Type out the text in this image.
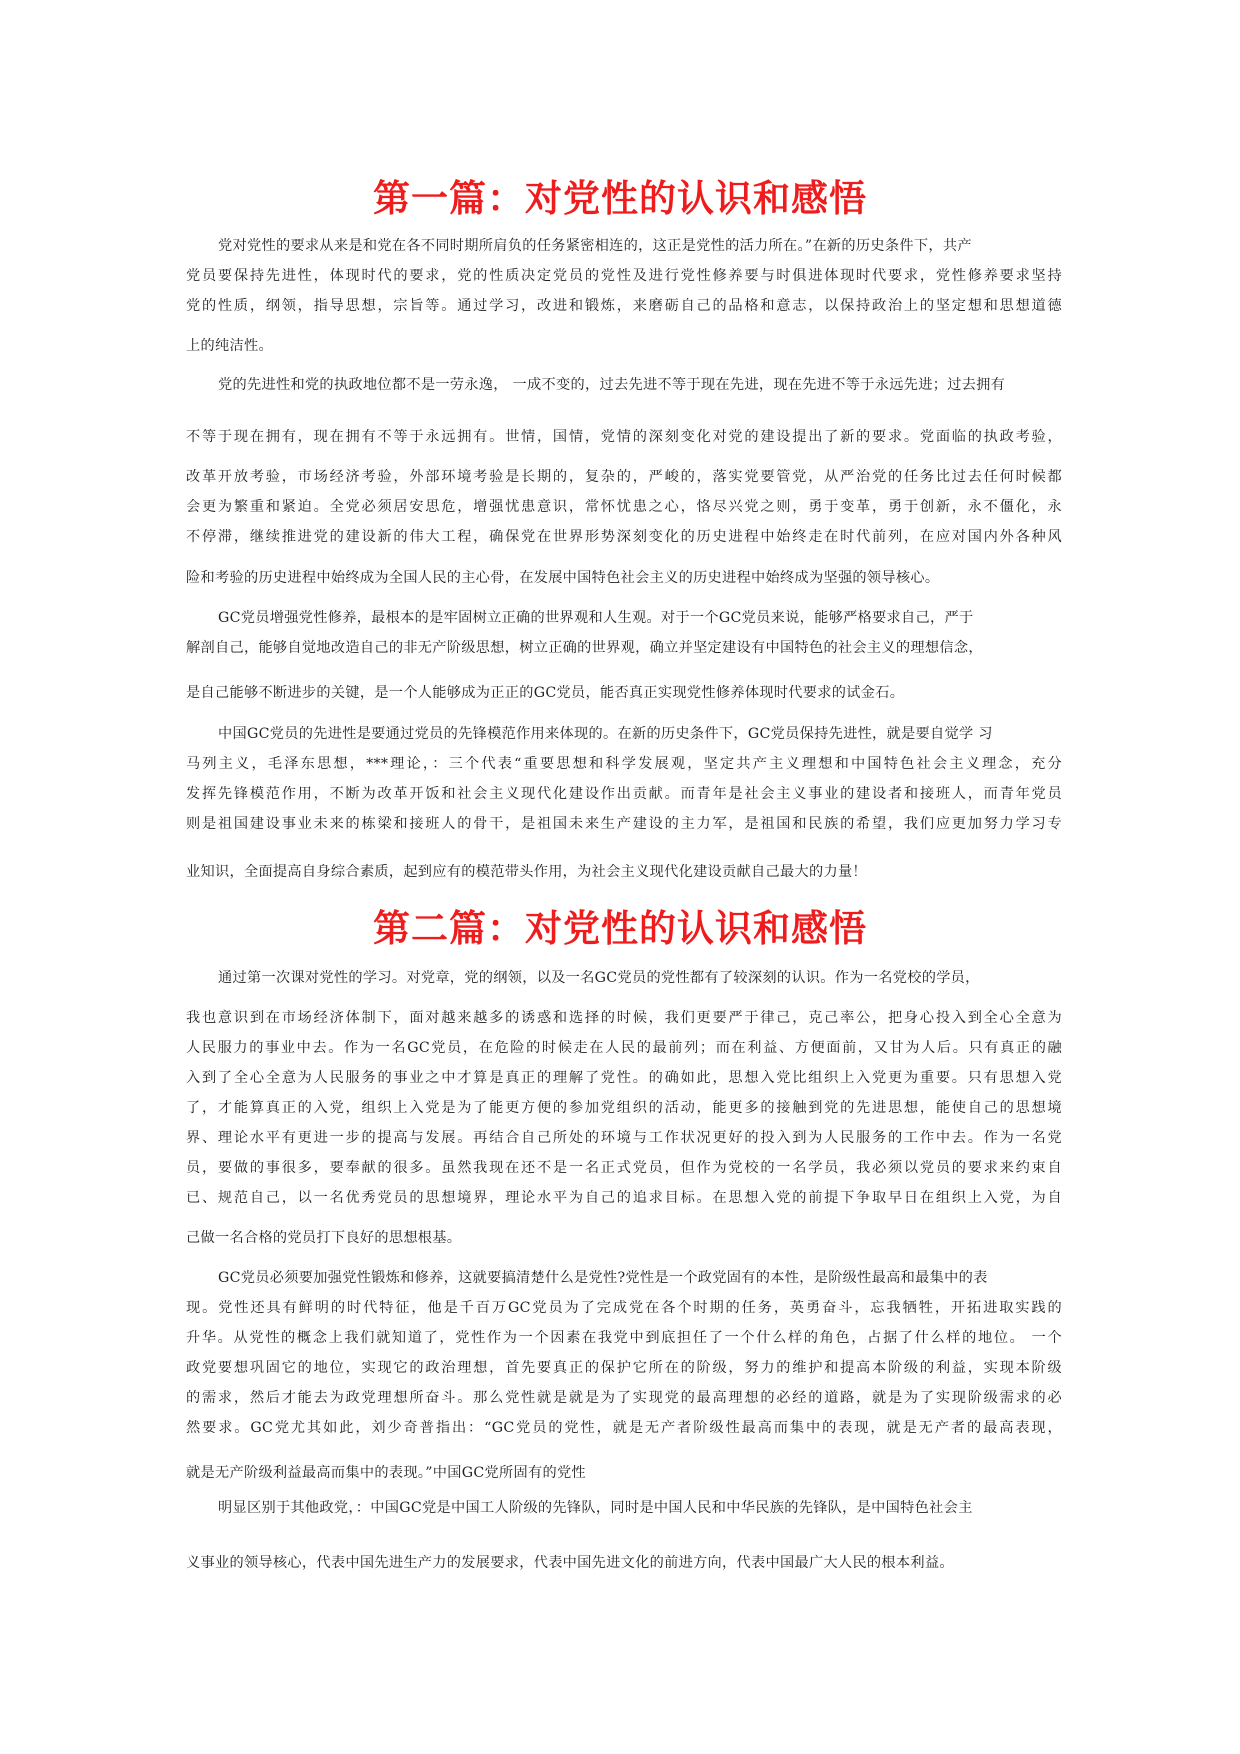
第一篇：对党性的认识和感悟

党对党性的要求从来是和党在各不同时期所肩负的任务紧密相连的，这正是党性的活力所在。”在新的历史条件下，共产

党员要保持先进性，体现时代的要求，党的性质决定党员的党性及进行党性修养要与时俱进体现时代要求，党性修养要求坚持

党的性质，纲领，指导思想，宗旨等。通过学习，改进和锻炼，来磨砺自己的品格和意志，以保持政治上的坚定想和思想道德

上的纯洁性。

党的先进性和党的执政地位都不是一劳永逸， 一成不变的，过去先进不等于现在先进，现在先进不等于永远先进；过去拥有

不等于现在拥有，现在拥有不等于永远拥有。世情，国情，党情的深刻变化对党的建设提出了新的要求。党面临的执政考验，

改革开放考验，市场经济考验，外部环境考验是长期的，复杂的，严峻的，落实党要管党，从严治党的任务比过去任何时候都

会更为繁重和紧迫。全党必须居安思危，增强忧患意识，常怀忧患之心，恪尽兴党之则，勇于变革，勇于创新，永不僵化，永

不停滞，继续推进党的建设新的伟大工程，确保党在世界形势深刻变化的历史进程中始终走在时代前列，在应对国内外各种风

险和考验的历史进程中始终成为全国人民的主心骨，在发展中国特色社会主义的历史进程中始终成为坚强的领导核心。

GC党员增强党性修养，最根本的是牢固树立正确的世界观和人生观。对于一个GC党员来说，能够严格要求自己，严于

解剖自己，能够自觉地改造自己的非无产阶级思想，树立正确的世界观，确立并坚定建设有中国特色的社会主义的理想信念，

是自己能够不断进步的关键，是一个人能够成为正正的GC党员，能否真正实现党性修养体现时代要求的试金石。

中国GC党员的先进性是要通过党员的先锋模范作用来体现的。在新的历史条件下，GC党员保持先进性，就是要自觉学 习

马列主义，毛泽东思想，***理论，：三个代表“重要思想和科学发展观，坚定共产主义理想和中国特色社会主义理念，充分

发挥先锋模范作用，不断为改革开饭和社会主义现代化建设作出贡献。而青年是社会主义事业的建设者和接班人，而青年党员

则是祖国建设事业未来的栋梁和接班人的骨干，是祖国未来生产建设的主力军，是祖国和民族的希望，我们应更加努力学习专

业知识，全面提高自身综合素质，起到应有的模范带头作用，为社会主义现代化建设贡献自己最大的力量！

第二篇：对党性的认识和感悟

通过第一次课对党性的学习。对党章，党的纲领，以及一名GC党员的党性都有了较深刻的认识。作为一名党校的学员，

我也意识到在市场经济体制下，面对越来越多的诱惑和选择的时候，我们更要严于律己，克己率公，把身心投入到全心全意为

人民服力的事业中去。作为一名GC党员，在危险的时候走在人民的最前列；而在利益、方便面前，又甘为人后。只有真正的融

入到了全心全意为人民服务的事业之中才算是真正的理解了党性。的确如此，思想入党比组织上入党更为重要。只有思想入党

了，才能算真正的入党，组织上入党是为了能更方便的参加党组织的活动，能更多的接触到党的先进思想，能使自己的思想境

界、理论水平有更进一步的提高与发展。再结合自己所处的环境与工作状况更好的投入到为人民服务的工作中去。作为一名党

员，要做的事很多，要奉献的很多。虽然我现在还不是一名正式党员，但作为党校的一名学员，我必须以党员的要求来约束自

已、规范自己，以一名优秀党员的思想境界，理论水平为自己的追求目标。在思想入党的前提下争取早日在组织上入党，为自

己做一名合格的党员打下良好的思想根基。

GC党员必须要加强党性锻炼和修养，这就要搞清楚什么是党性?党性是一个政党固有的本性，是阶级性最高和最集中的表

现。党性还具有鲜明的时代特征，他是千百万GC党员为了完成党在各个时期的任务，英勇奋斗，忘我牺牲，开拓进取实践的

升华。从党性的概念上我们就知道了，党性作为一个因素在我党中到底担任了一个什么样的角色，占据了什么样的地位。 一个

政党要想巩固它的地位，实现它的政治理想，首先要真正的保护它所在的阶级，努力的维护和提高本阶级的利益，实现本阶级

的需求，然后才能去为政党理想所奋斗。那么党性就是就是为了实现党的最高理想的必经的道路，就是为了实现阶级需求的必

然要求。GC党尤其如此，刘少奇普指出：“GC党员的党性，就是无产者阶级性最高而集中的表现，就是无产者的最高表现，

就是无产阶级利益最高而集中的表现。”中国GC党所固有的党性

明显区别于其他政党，：中国GC党是中国工人阶级的先锋队，同时是中国人民和中华民族的先锋队，是中国特色社会主

义事业的领导核心，代表中国先进生产力的发展要求，代表中国先进文化的前进方向，代表中国最广大人民的根本利益。
